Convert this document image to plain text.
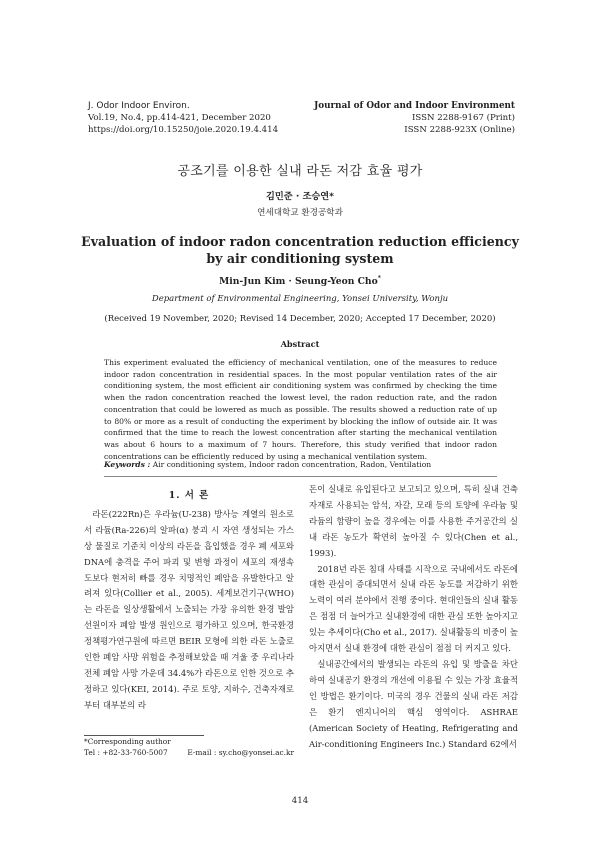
J. Odor Indoor Environ.
Vol.19, No.4, pp.414-421, December 2020
https://doi.org/10.15250/joie.2020.19.4.414
Journal of Odor and Indoor Environment
ISSN 2288-9167 (Print)
ISSN 2288-923X (Online)
공조기를 이용한 실내 라돈 저감 효율 평가
김민준 · 조승연*
연세대학교 환경공학과
Evaluation of indoor radon concentration reduction efficiency
by air conditioning system
Min-Jun Kim · Seung-Yeon Cho*
Department of Environmental Engineering, Yonsei University, Wonju
(Received 19 November, 2020; Revised 14 December, 2020; Accepted 17 December, 2020)
Abstract
This experiment evaluated the efficiency of mechanical ventilation, one of the measures to reduce indoor radon concentration in residential spaces. In the most popular ventilation rates of the air conditioning system, the most efficient air conditioning system was confirmed by checking the time when the radon concentration reached the lowest level, the radon reduction rate, and the radon concentration that could be lowered as much as possible. The results showed a reduction rate of up to 80% or more as a result of conducting the experiment by blocking the inflow of outside air. It was confirmed that the time to reach the lowest concentration after starting the mechanical ventilation was about 6 hours to a maximum of 7 hours. Therefore, this study verified that indoor radon concentrations can be efficiently reduced by using a mechanical ventilation system.
Keywords : Air conditioning system, Indoor radon concentration, Radon, Ventilation
1. 서 론

라돈(222Rn)은 우라늄(U-238) 방사능 계열의 원소로서 라듐(Ra-226)의 알파(α) 붕괴 시 자연 생성되는 가스상 물질로 기준치 이상의 라돈을 흡입했을 경우 폐 세포와 DNA에 충격을 주어 파괴 및 변형 과정이 세포의 재생속도보다 현저히 빠를 경우 치명적인 폐암을 유발한다고 알려져 있다(Collier et al., 2005). 세계보건기구(WHO)는 라돈을 일상생활에서 노출되는 가장 유의한 환경 발암선원이자 폐암 발생 원인으로 평가하고 있으며, 한국환경정책평가연구원에 따르면 BEIR 모형에 의한 라돈 노출로 인한 폐암 사망 위험을 추정해보았을 때 겨울 중 우리나라 전체 폐암 사망 가운데 34.4%가 라돈으로 인한 것으로 추정하고 있다(KEI, 2014). 주로 토양, 지하수, 건축자재로부터 대부분의 라

돈이 실내로 유입된다고 보고되고 있으며, 특히 실내 건축자재로 사용되는 암석, 자갈, 모래 등의 토양에 우라늄 및 라듐의 함량이 높을 경우에는 이를 사용한 주거공간의 실내 라돈 농도가 확연히 높아질 수 있다(Chen et al., 1993).

2018년 라돈 침대 사태를 시작으로 국내에서도 라돈에 대한 관심이 증대되면서 실내 라돈 농도를 저감하기 위한 노력이 여러 분야에서 진행 중이다. 현대인들의 실내 활동은 점점 더 늘어가고 실내환경에 대한 관심 또한 높아지고 있는 추세이다(Cho et al., 2017). 실내활동의 비중이 높아지면서 실내 환경에 대한 관심이 점점 더 커지고 있다.

실내공간에서의 발생되는 라돈의 유입 및 방출을 차단하여 실내공기 환경의 개선에 이용될 수 있는 가장 효율적인 방법은 환기이다. 미국의 경우 건물의 실내 라돈 저감은 환기 엔지니어의 핵심 영역이다. ASHRAE (American Society of Heating, Refrigerating and Air-conditioning Engineers Inc.) Standard 62에서

*Corresponding author
Tel : +82-33-760-5007	E-mail : sy.cho@yonsei.ac.kr
414
